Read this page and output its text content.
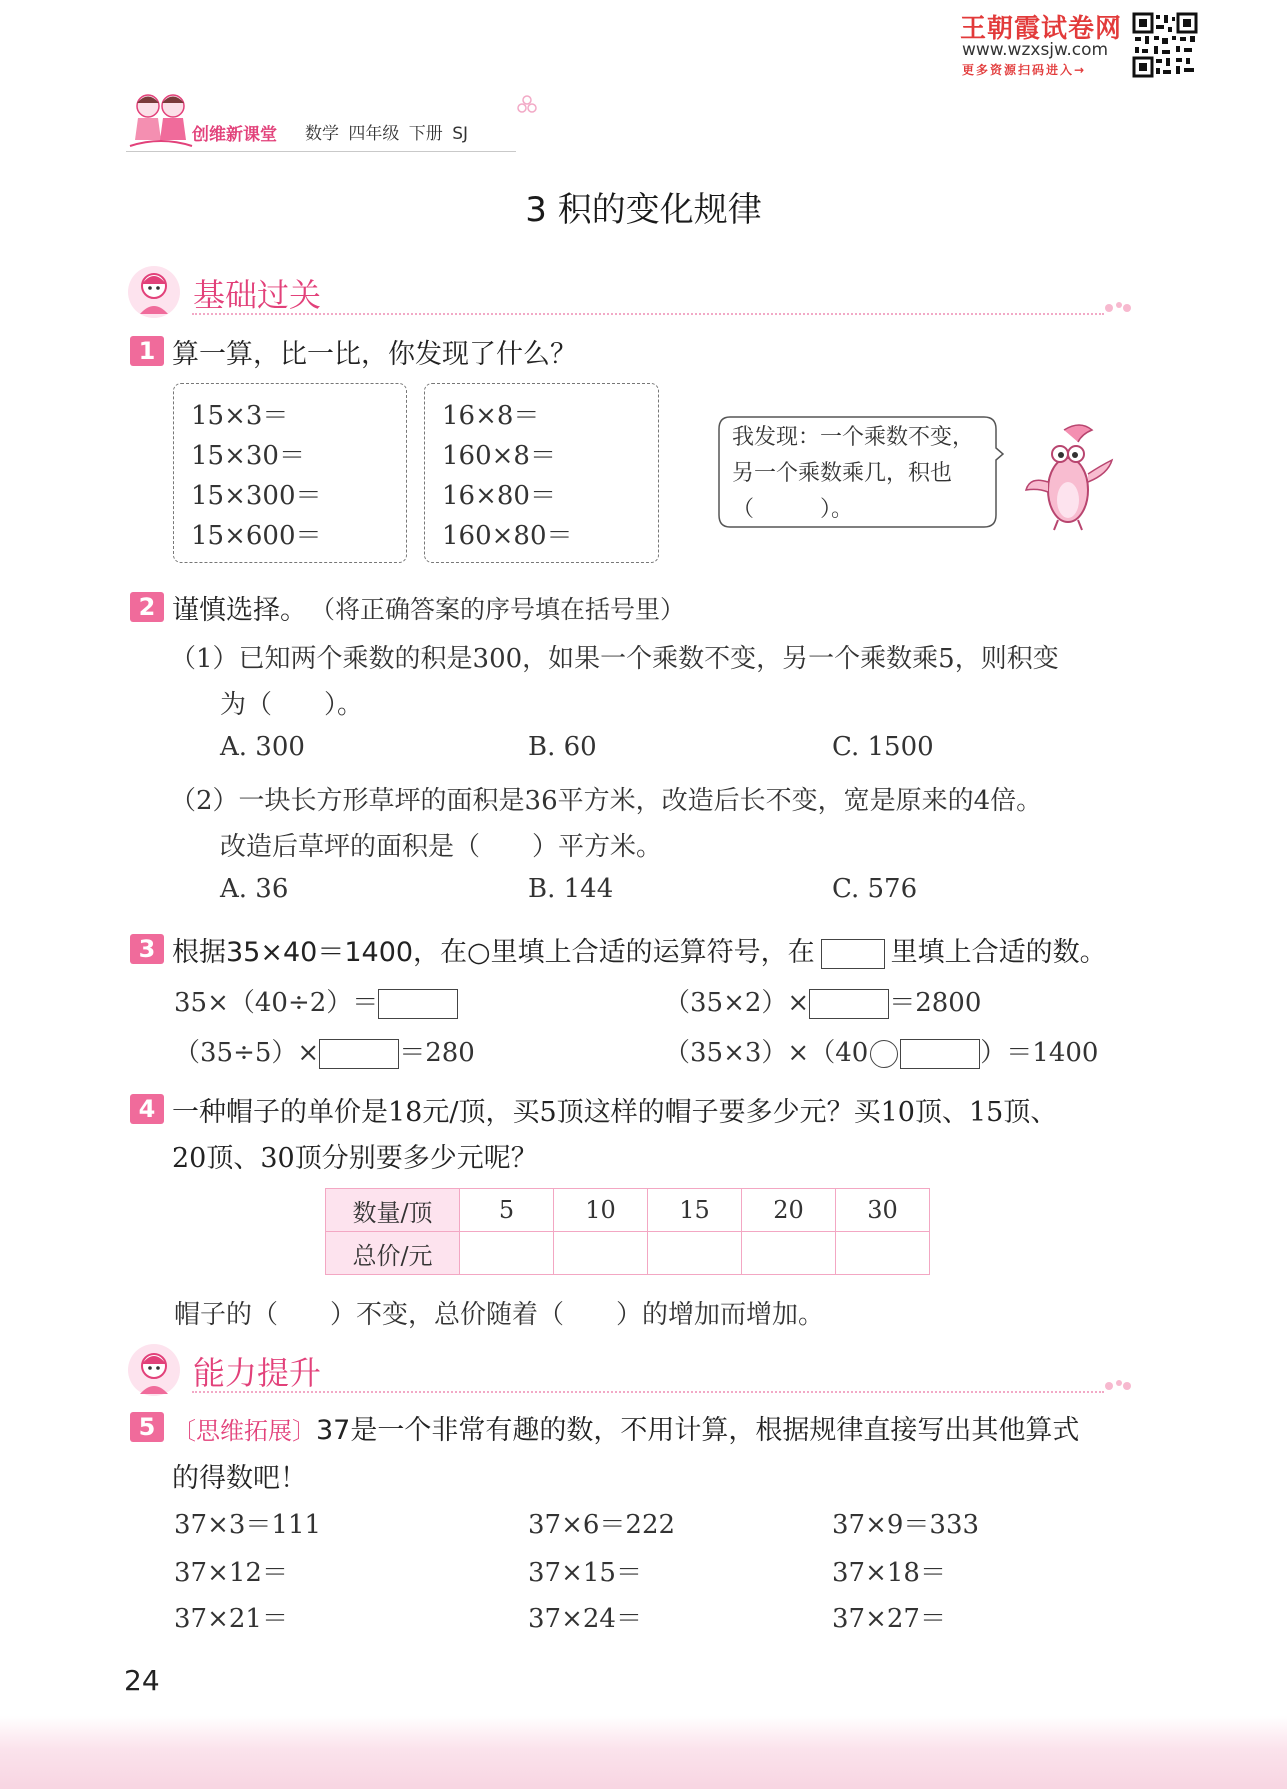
王朝霞试卷网
www.wzxsjw.com
更多资源扫码进入→
创维新课堂 数学 四年级 下册 SJ
3 积的变化规律
基础过关
1 算一算，比一比，你发现了什么？
15×3＝
15×30＝
15×300＝
15×600＝
16×8＝
160×8＝
16×80＝
160×80＝
我发现：一个乘数不变，
另一个乘数乘几，积也
（　　　）。
2 谨慎选择。 （将正确答案的序号填在括号里）
（1）已知两个乘数的积是300，如果一个乘数不变，另一个乘数乘5，则积变
为（　　）。
A. 300	B. 60	C. 1500
（2）一块长方形草坪的面积是36平方米，改造后长不变，宽是原来的4倍。
改造后草坪的面积是（　　）平方米。
A. 36	B. 144	C. 576
3 根据35×40＝1400，在○里填上合适的运算符号，在	里填上合适的数。
35×（40÷2）＝	（35×2）×	＝2800
（35÷5）×	＝280	（35×3）×（40	）＝1400
4 一种帽子的单价是18元/顶，买5顶这样的帽子要多少元？买10顶、15顶、
20顶、30顶分别要多少元呢？
数量/顶	5	10	15	20	30
总价/元					
帽子的（　　）不变，总价随着（　　）的增加而增加。
能力提升
5 〔思维拓展〕37是一个非常有趣的数，不用计算，根据规律直接写出其他算式
的得数吧！
37×3＝111	37×6＝222	37×9＝333
37×12＝	37×15＝	37×18＝
37×21＝	37×24＝	37×27＝
24
